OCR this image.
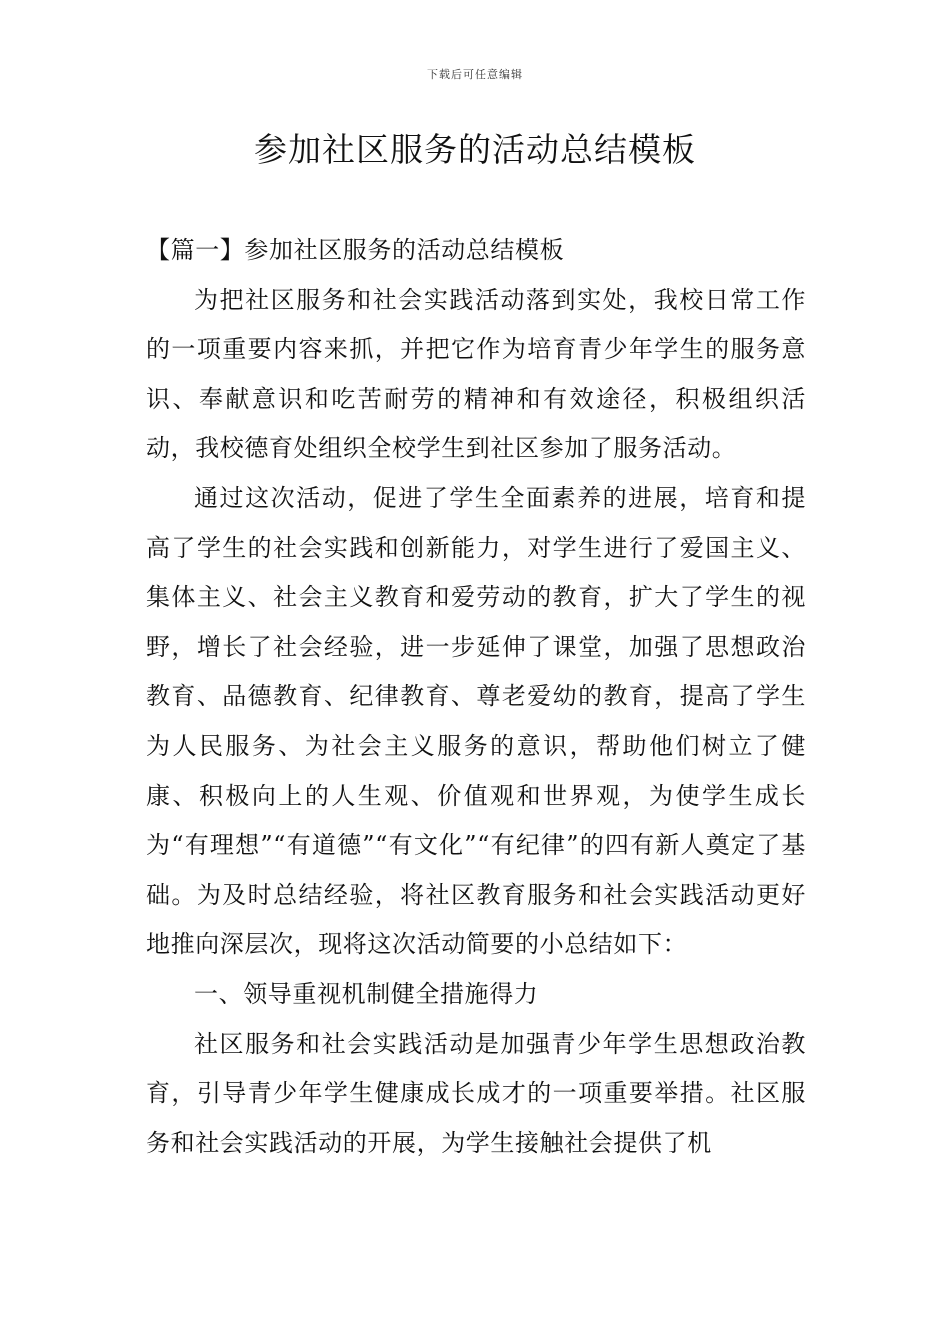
下载后可任意编辑
参加社区服务的活动总结模板

【篇一】参加社区服务的活动总结模板

为把社区服务和社会实践活动落到实处，我校日常工作的一项重要内容来抓，并把它作为培育青少年学生的服务意识、奉献意识和吃苦耐劳的精神和有效途径，积极组织活动，我校德育处组织全校学生到社区参加了服务活动。

通过这次活动，促进了学生全面素养的进展，培育和提高了学生的社会实践和创新能力，对学生进行了爱国主义、集体主义、社会主义教育和爱劳动的教育，扩大了学生的视野，增长了社会经验，进一步延伸了课堂，加强了思想政治教育、品德教育、纪律教育、尊老爱幼的教育，提高了学生为人民服务、为社会主义服务的意识，帮助他们树立了健康、积极向上的人生观、价值观和世界观，为使学生成长为“有理想”“有道德”“有文化”“有纪律”的四有新人奠定了基础。为及时总结经验，将社区教育服务和社会实践活动更好地推向深层次，现将这次活动简要的小总结如下：

一、领导重视机制健全措施得力

社区服务和社会实践活动是加强青少年学生思想政治教育，引导青少年学生健康成长成才的一项重要举措。社区服务和社会实践活动的开展，为学生接触社会提供了机
